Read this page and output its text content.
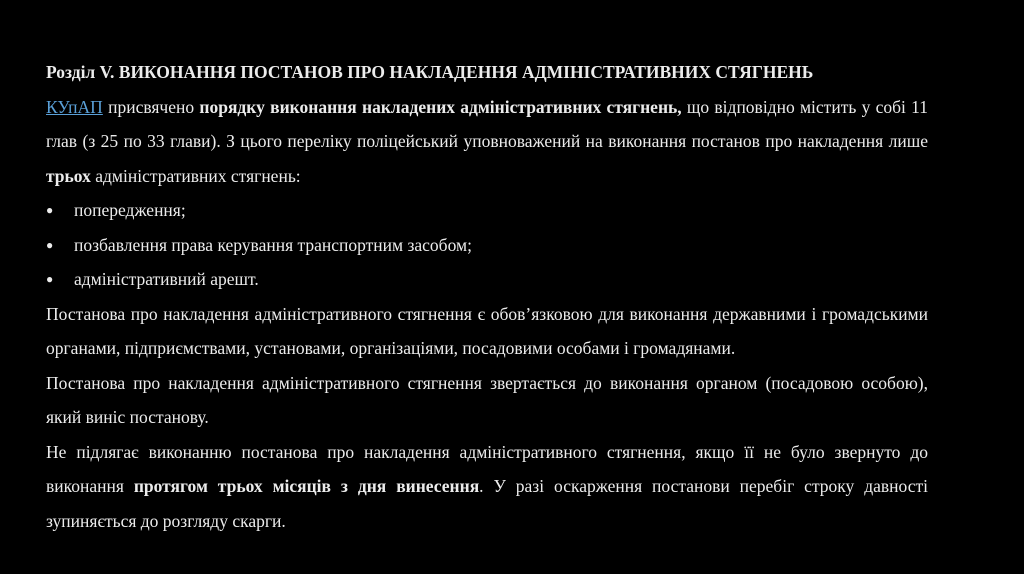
Розділ V. ВИКОНАННЯ ПОСТАНОВ ПРО НАКЛАДЕННЯ АДМІНІСТРАТИВНИХ СТЯГНЕНЬ

КУпАП присвячено порядку виконання накладених адміністративних стягнень, що відповідно містить у собі 11 глав (з 25 по 33 глави). З цього переліку поліцейський уповноважений на виконання постанов про накладення лише трьох адміністративних стягнень:

● попередження;
● позбавлення права керування транспортним засобом;
● адміністративний арешт.

Постанова про накладення адміністративного стягнення є обов’язковою для виконання державними і громадськими органами, підприємствами, установами, організаціями, посадовими особами і громадянами.

Постанова про накладення адміністративного стягнення звертається до виконання органом (посадовою особою), який виніс постанову.

Не підлягає виконанню постанова про накладення адміністративного стягнення, якщо її не було звернуто до виконання протягом трьох місяців з дня винесення. У разі оскарження постанови перебіг строку давності зупиняється до розгляду скарги.
